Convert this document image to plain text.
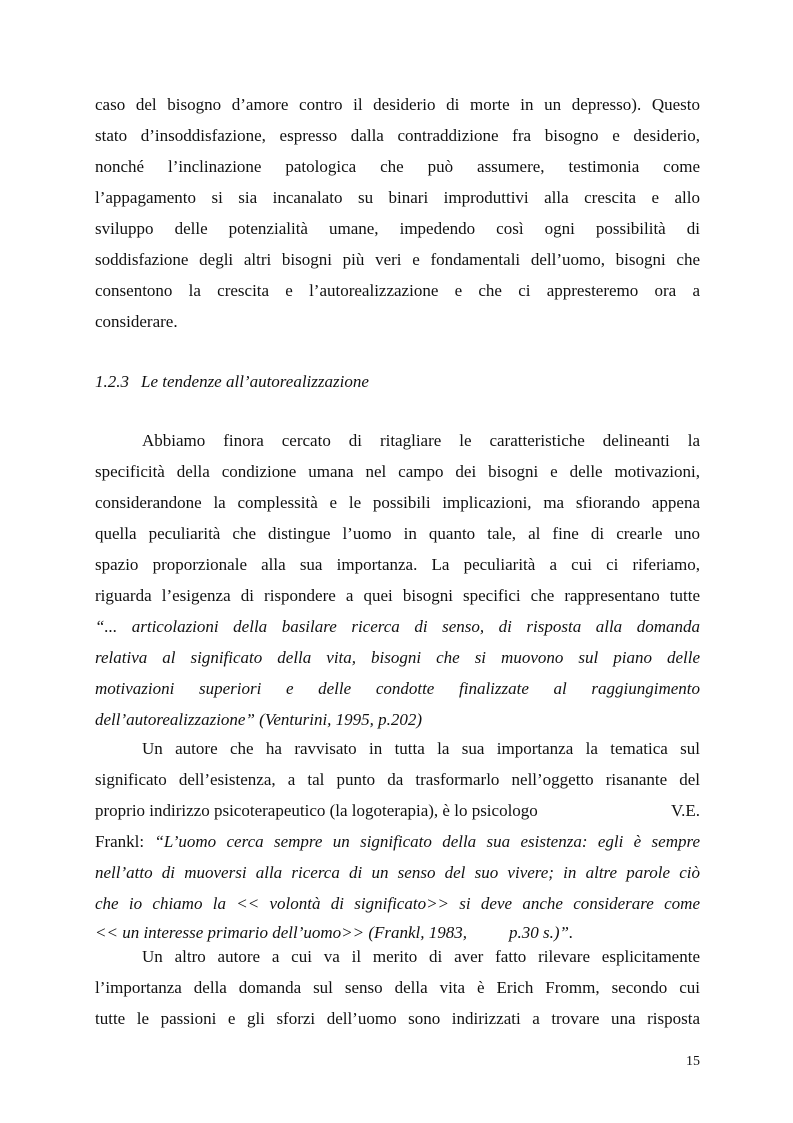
caso del bisogno d’amore contro il desiderio di morte in un depresso). Questo
stato d’insoddisfazione, espresso dalla contraddizione fra bisogno e desiderio,
nonché l’inclinazione patologica che può assumere, testimonia come
l’appagamento si sia incanalato su binari improduttivi alla crescita e allo
sviluppo delle potenzialità umane, impedendo così ogni possibilità di
soddisfazione degli altri bisogni più veri e fondamentali dell’uomo, bisogni che
consentono la crescita e l’autorealizzazione e che ci appresteremo ora a
considerare.
1.2.3 Le tendenze all’autorealizzazione
Abbiamo finora cercato di ritagliare le caratteristiche delineanti la
specificità della condizione umana nel campo dei bisogni e delle motivazioni,
considerandone la complessità e le possibili implicazioni, ma sfiorando appena
quella peculiarità che distingue l’uomo in quanto tale, al fine di crearle uno
spazio proporzionale alla sua importanza. La peculiarità a cui ci riferiamo,
riguarda l’esigenza di rispondere a quei bisogni specifici che rappresentano tutte
“... articolazioni della basilare ricerca di senso, di risposta alla domanda
relativa al significato della vita, bisogni che si muovono sul piano delle
motivazioni superiori e delle condotte finalizzate al raggiungimento
dell’autorealizzazione” (Venturini, 1995, p.202)
Un autore che ha ravvisato in tutta la sua importanza la tematica sul
significato dell’esistenza, a tal punto da trasformarlo nell’oggetto risanante del
proprio indirizzo psicoterapeutico (la logoterapia), è lo psicologo	V.E.
Frankl: “L’uomo cerca sempre un significato della sua esistenza: egli è sempre
nell’atto di muoversi alla ricerca di un senso del suo vivere; in altre parole ciò
che io chiamo la << volontà di significato>> si deve anche considerare come
<< un interesse primario dell’uomo>> (Frankl, 1983, p.30 s.)”.
Un altro autore a cui va il merito di aver fatto rilevare esplicitamente
l’importanza della domanda sul senso della vita è Erich Fromm, secondo cui
tutte le passioni e gli sforzi dell’uomo sono indirizzati a trovare una risposta
15
